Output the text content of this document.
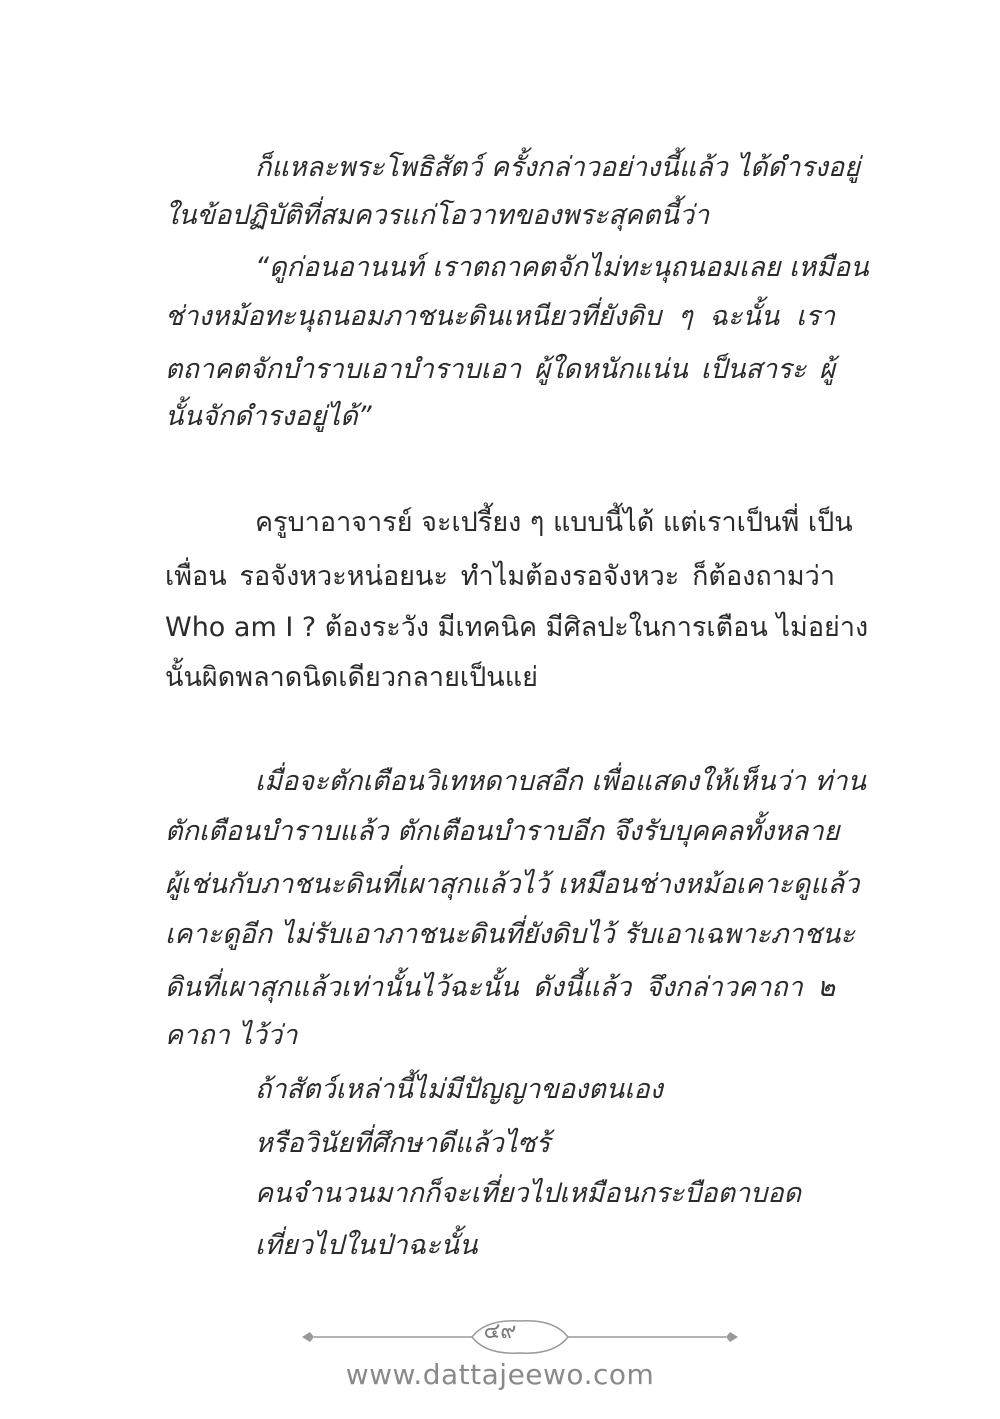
ก็แหละพระโพธิสัตว์ ครั้งกล่าวอย่างนี้แล้ว ได้ดำรงอยู่

ในข้อปฏิบัติที่สมควรแก่โอวาทของพระสุคตนี้ว่า

“ดูก่อนอานนท์ เราตถาคตจักไม่ทะนุถนอมเลย เหมือน

ช่างหม้อทะนุถนอมภาชนะดินเหนียวที่ยังดิบ ๆ ฉะนั้น เรา

ตถาคตจักบำราบเอาบำราบเอา ผู้ใดหนักแน่น เป็นสาระ ผู้

นั้นจักดำรงอยู่ได้”

ครูบาอาจารย์ จะเปรี้ยง ๆ แบบนี้ได้ แต่เราเป็นพี่ เป็น

เพื่อน รอจังหวะหน่อยนะ ทำไมต้องรอจังหวะ ก็ต้องถามว่า

Who am I ? ต้องระวัง มีเทคนิค มีศิลปะในการเตือน ไม่อย่าง

นั้นผิดพลาดนิดเดียวกลายเป็นแย่

เมื่อจะตักเตือนวิเทหดาบสอีก เพื่อแสดงให้เห็นว่า ท่าน

ตักเตือนบำราบแล้ว ตักเตือนบำราบอีก จึงรับบุคคลทั้งหลาย

ผู้เช่นกับภาชนะดินที่เผาสุกแล้วไว้ เหมือนช่างหม้อเคาะดูแล้ว

เคาะดูอีก ไม่รับเอาภาชนะดินที่ยังดิบไว้ รับเอาเฉพาะภาชนะ

ดินที่เผาสุกแล้วเท่านั้นไว้ฉะนั้น ดังนี้แล้ว จึงกล่าวคาถา ๒

คาถา ไว้ว่า

ถ้าสัตว์เหล่านี้ไม่มีปัญญาของตนเอง

หรือวินัยที่ศึกษาดีแล้วไซร้

คนจำนวนมากก็จะเที่ยวไปเหมือนกระบือตาบอด

เที่ยวไปในป่าฉะนั้น

๔๙
www.dattajeewo.com
